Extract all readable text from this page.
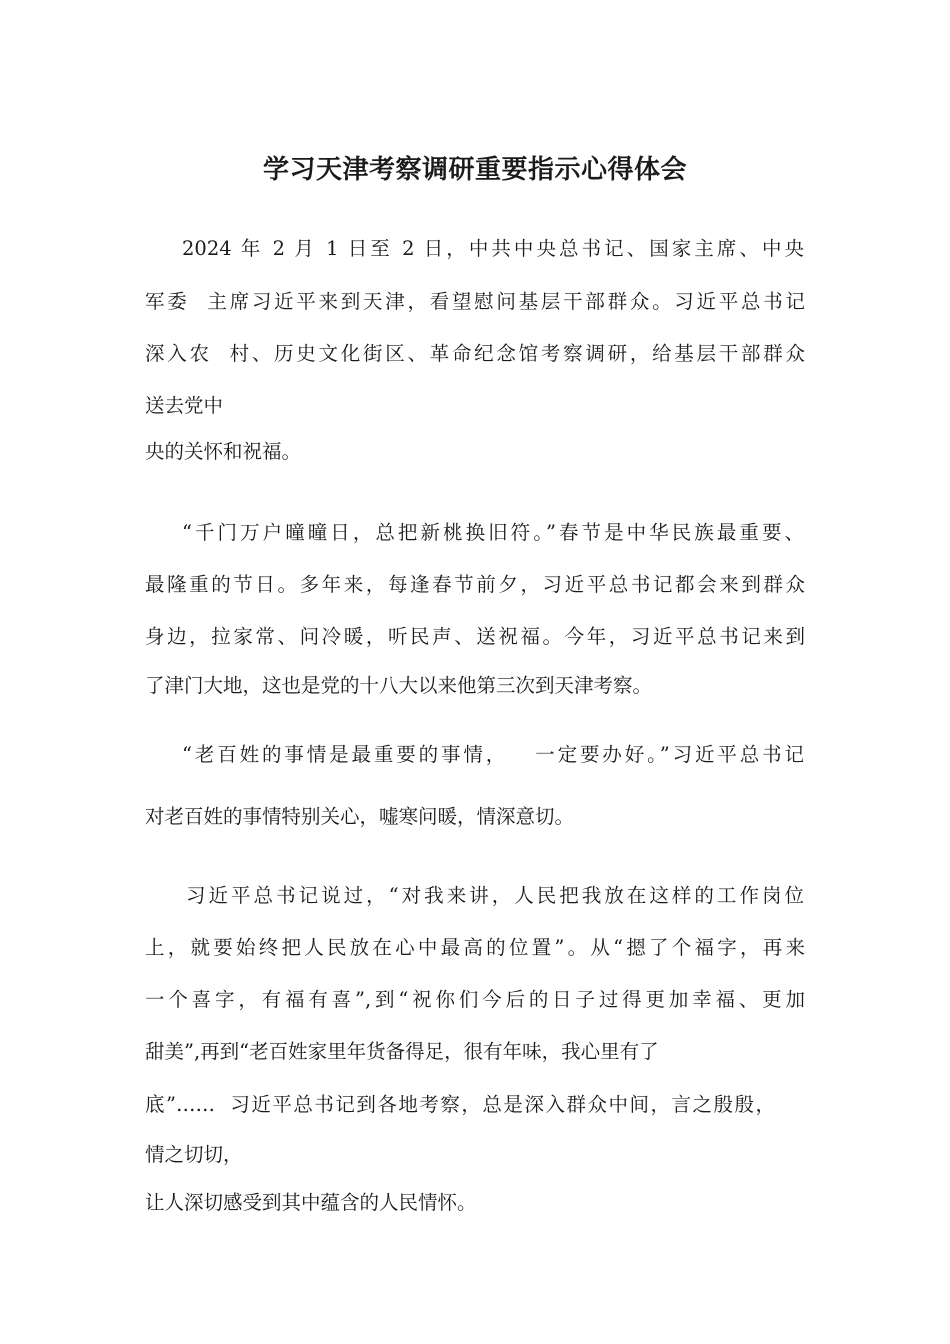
学习天津考察调研重要指示心得体会
2024 年 2 月 1 日至 2 日，中共中央总书记、国家主席、中央
军委  主席习近平来到天津，看望慰问基层干部群众。习近平总书记
深入农  村、历史文化街区、革命纪念馆考察调研，给基层干部群众
送去党中
央的关怀和祝福。
“千门万户曈曈日，总把新桃换旧符。”春节是中华民族最重要、
最隆重的节日。多年来，每逢春节前夕，习近平总书记都会来到群众
身边，拉家常、问冷暖，听民声、送祝福。今年，习近平总书记来到
了津门大地，这也是党的十八大以来他第三次到天津考察。
“老百姓的事情是最重要的事情，   一定要办好。”习近平总书记
对老百姓的事情特别关心，嘘寒问暖，情深意切。
习近平总书记说过，“对我来讲，人民把我放在这样的工作岗位
上，就要始终把人民放在心中最高的位置”。从“摁了个福字，再来
一个喜字，有福有喜”,到“祝你们今后的日子过得更加幸福、更加
甜美”,再到“老百姓家里年货备得足，很有年味，我心里有了
底”……  习近平总书记到各地考察，总是深入群众中间，言之殷殷，
情之切切，
让人深切感受到其中蕴含的人民情怀。
